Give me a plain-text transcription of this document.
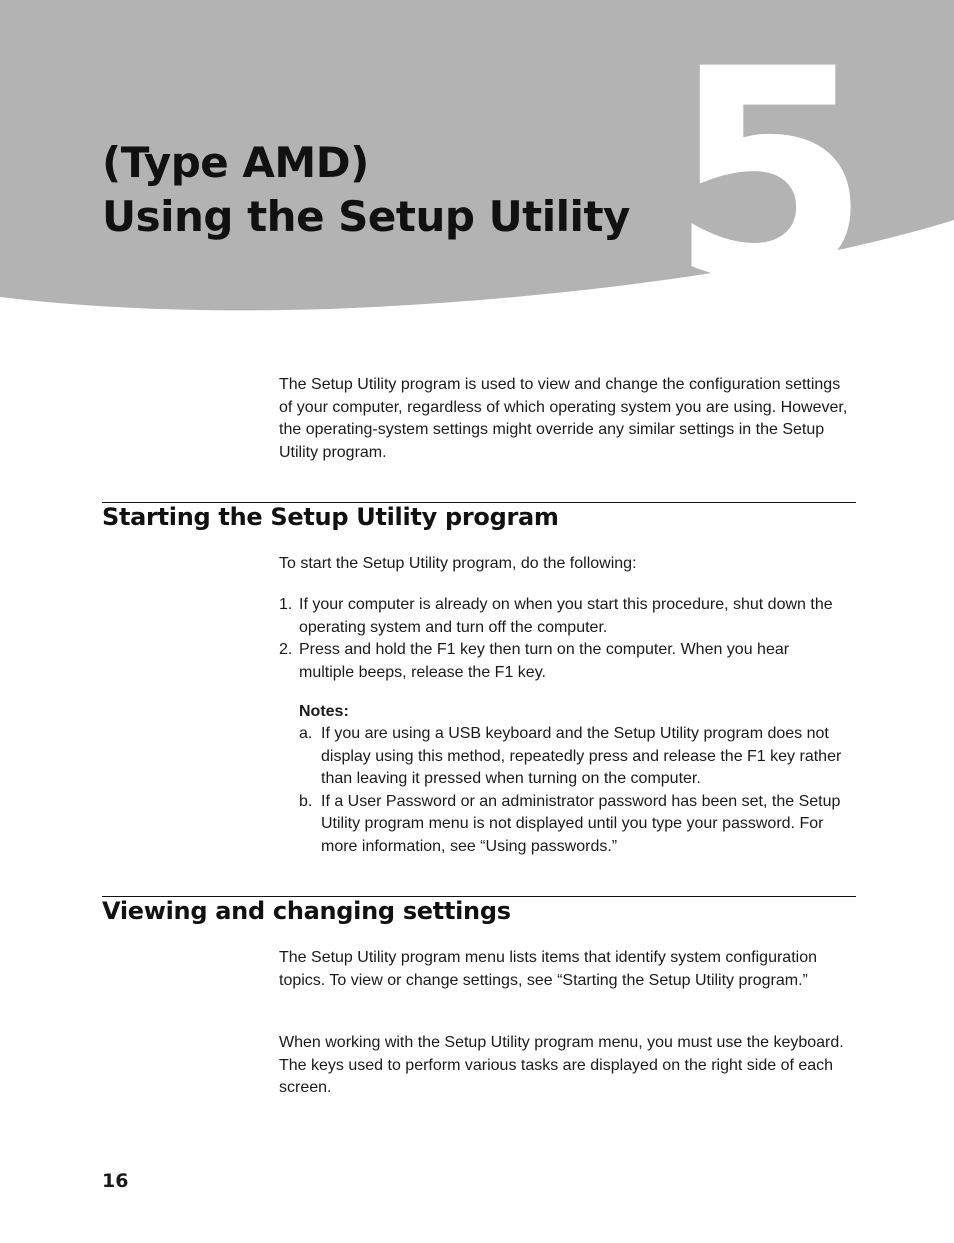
5
(Type AMD)
Using the Setup Utility

The Setup Utility program is used to view and change the configuration settings of your computer, regardless of which operating system you are using. However, the operating-system settings might override any similar settings in the Setup Utility program.

Starting the Setup Utility program

To start the Setup Utility program, do the following:

1. If your computer is already on when you start this procedure, shut down the operating system and turn off the computer.
2. Press and hold the F1 key then turn on the computer. When you hear multiple beeps, release the F1 key.

Notes:

a. If you are using a USB keyboard and the Setup Utility program does not display using this method, repeatedly press and release the F1 key rather than leaving it pressed when turning on the computer.
b. If a User Password or an administrator password has been set, the Setup Utility program menu is not displayed until you type your password. For more information, see “Using passwords.”
Viewing and changing settings

The Setup Utility program menu lists items that identify system configuration topics. To view or change settings, see “Starting the Setup Utility program.”

When working with the Setup Utility program menu, you must use the keyboard. The keys used to perform various tasks are displayed on the right side of each screen.

16
